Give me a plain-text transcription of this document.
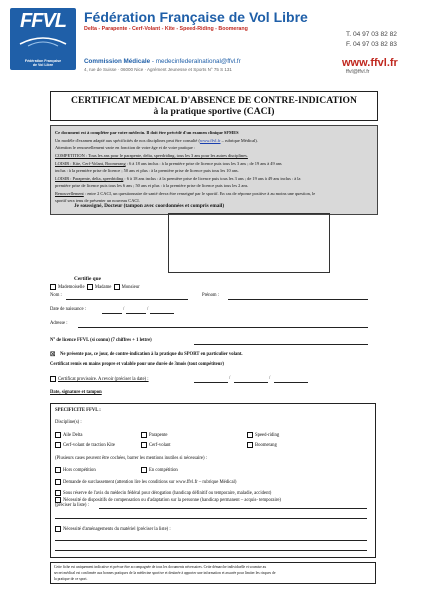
FFVL
Fédération Française
de Vol Libre
Fédération Française de Vol Libre
Delta - Parapente - Cerf-Volant - Kite - Speed-Riding - Boomerang
Commission Médicale - medecinfederalnational@ffvl.fr
4, rue de Suisse · 06000 Nice · Agrément Jeunesse et Sports N° 75 S 131
T. 04 97 03 82 82
F. 04 97 03 82 83
www.ffvl.fr
ffvl@ffvl.fr
CERTIFICAT MEDICAL D'ABSENCE DE CONTRE-INDICATION
à la pratique sportive (CACI)
Ce document est à compléter par votre médecin. Il doit être précédé d'un examen clinique SFMES
Un modèle d'examen adapté aux spécificités de nos disciplines peut être consulté (www.ffvl.fr – rubrique Médical).
Attention le renouvellement varie en fonction de votre âge et de votre pratique :
COMPETITION : Tous les ans pour le parapente, delta, speedriding, tous les 3 ans pour les autres disciplines.
LOISIR : Kite, Cerf-Volant, Boomerang : 6 à 18 ans inclus : à la première prise de licence puis tous les 3 ans ; de 19 ans à 49 ans
inclus : à la première prise de licence ; 50 ans et plus : à la première prise de licence puis tous les 10 ans.
LOISIR : Parapente, delta, speedriding : 6 à 18 ans inclus : à la première prise de licence puis tous les 3 ans ; de 19 ans à 49 ans inclus : à la
première prise de licence puis tous les 6 ans ; 50 ans et plus : à la première prise de licence puis tous les 2 ans.
Renouvellement : entre 2 CACI, un questionnaire de santé devra être renseigné par le sportif. En cas de réponse positive à au moins une question, le
sportif sera tenu de présenter un nouveau CACI.
Je soussigné, Docteur (tampon avec coordonnées et compris email)
Certifie que
Mademoiselle Madame Monsieur
Nom :	Prénom :
Date de naissance :	/	/
Adresse :
N° de licence FFVL (si connu) (7 chiffres + 1 lettre)
☒ Ne présente pas, ce jour, de contre-indication à la pratique du SPORT en particulier volant.
Certificat remis en mains propre et valable pour une durée de 3mois (tout compétiteur)
Certificat provisoire. A revoir (préciser la date) :	/	/
Date, signature et tampon
SPECIFICITE FFVL :
Discipline(s) :
Aile Delta	Parapente	Speed-riding
Cerf-volant de traction Kite	Cerf-volant	Boomerang
(Plusieurs cases peuvent être cochées, barrer les mentions inutiles si nécessaire) :
Hors compétition	En compétition
Demande de surclassement (attention lire les conditions sur www.ffvl.fr – rubrique Médical)
Sous réserve de l'avis du médecin fédéral pour dérogation (handicap définitif ou temporaire, maladie, accident)
Nécessité de dispositifs de compensation ou d'adaptation sur la personne (handicap permanent – acquis- temporaire)
(préciser la liste) :
Nécessité d'aménagements du matériel (préciser la liste) :
Cette fiche est uniquement indicative et prévue être accompagnée de tous les documents nécessaires. Cette démarche individuelle et soumise au
secret médical est confirmée aux bonnes pratiques de la médecine sportive et destinée à apporter une information et assurée pour limiter les risques de
la pratique de ce sport.
